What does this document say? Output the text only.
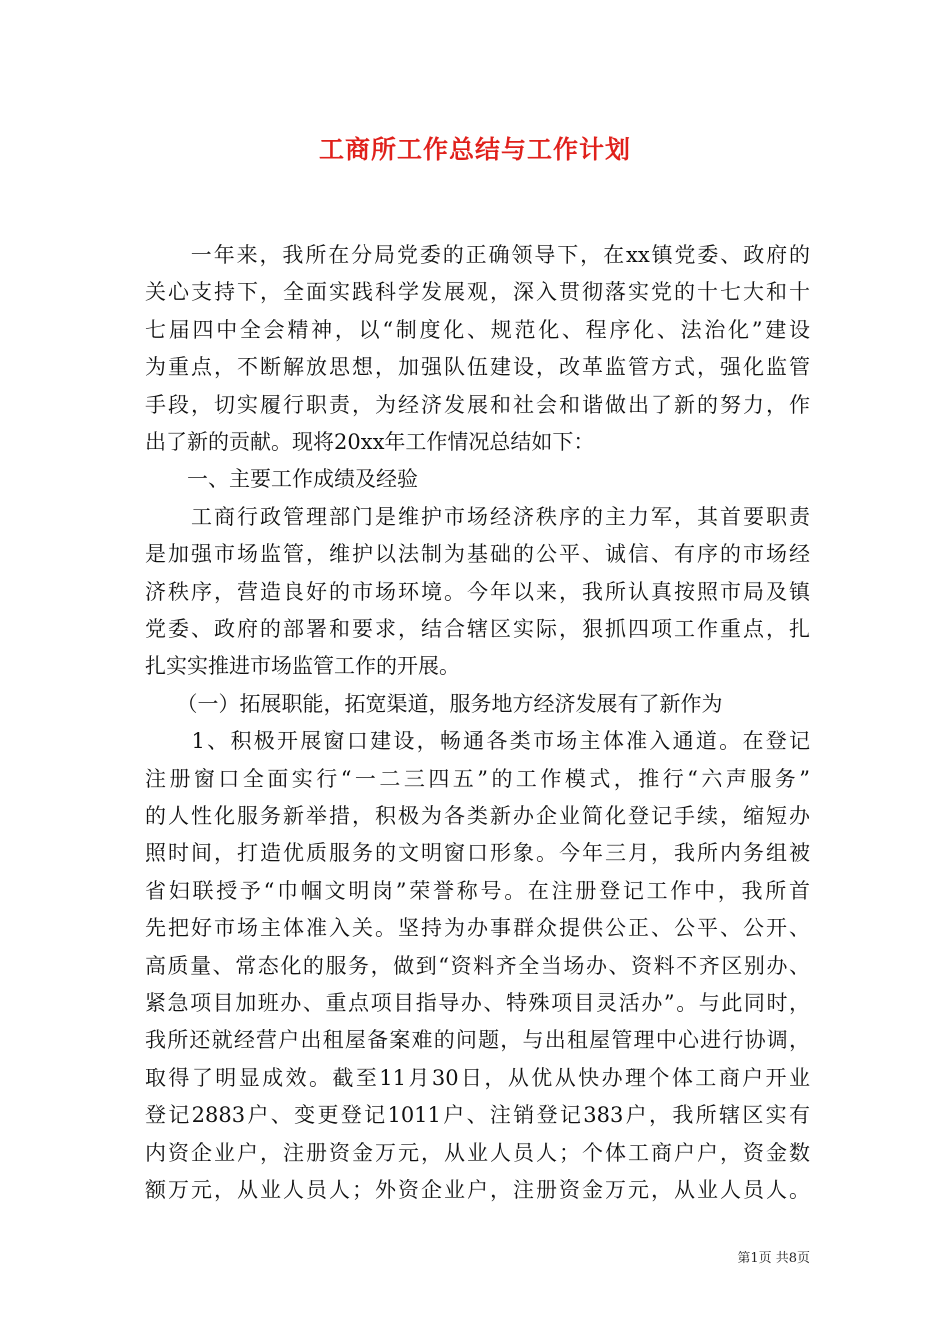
工商所工作总结与工作计划
　　一年来，我所在分局党委的正确领导下，在xx镇党委、政府的
关心支持下，全面实践科学发展观，深入贯彻落实党的十七大和十
七届四中全会精神，以“制度化、规范化、程序化、法治化”建设
为重点，不断解放思想，加强队伍建设，改革监管方式，强化监管
手段，切实履行职责，为经济发展和社会和谐做出了新的努力，作
出了新的贡献。现将20xx年工作情况总结如下：
　　一、主要工作成绩及经验
　　工商行政管理部门是维护市场经济秩序的主力军，其首要职责
是加强市场监管，维护以法制为基础的公平、诚信、有序的市场经
济秩序，营造良好的市场环境。今年以来，我所认真按照市局及镇
党委、政府的部署和要求，结合辖区实际，狠抓四项工作重点，扎
扎实实推进市场监管工作的开展。
　　（一）拓展职能，拓宽渠道，服务地方经济发展有了新作为
　　1、积极开展窗口建设，畅通各类市场主体准入通道。在登记
注册窗口全面实行“一二三四五”的工作模式，推行“六声服务”
的人性化服务新举措，积极为各类新办企业简化登记手续，缩短办
照时间，打造优质服务的文明窗口形象。今年三月，我所内务组被
省妇联授予“巾帼文明岗”荣誉称号。在注册登记工作中，我所首
先把好市场主体准入关。坚持为办事群众提供公正、公平、公开、
高质量、常态化的服务，做到“资料齐全当场办、资料不齐区别办、
紧急项目加班办、重点项目指导办、特殊项目灵活办”。与此同时，
我所还就经营户出租屋备案难的问题，与出租屋管理中心进行协调，
取得了明显成效。截至11月30日，从优从快办理个体工商户开业
登记2883户、变更登记1011户、注销登记383户，我所辖区实有
内资企业户，注册资金万元，从业人员人；个体工商户户，资金数
额万元，从业人员人；外资企业户，注册资金万元，从业人员人。
第1页 共8页
